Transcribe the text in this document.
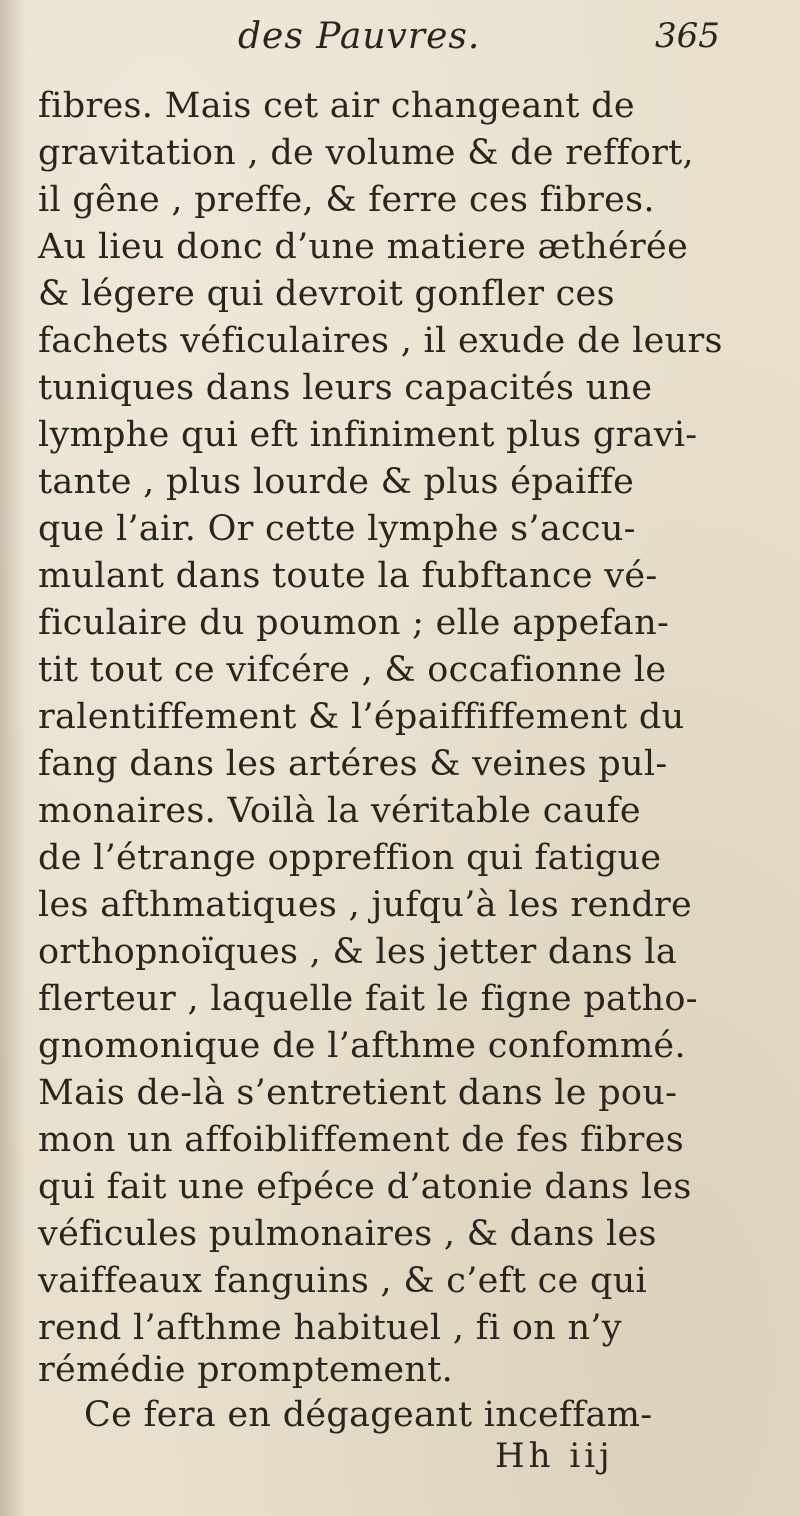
des Pauvres.	365
fibres. Mais cet air changeant de
gravitation , de volume & de reffort,
il gêne , preffe, & ferre ces fibres.
Au lieu donc d’une matiere æthérée
& légere qui devroit gonfler ces
fachets véficulaires , il exude de leurs
tuniques dans leurs capacités une
lymphe qui eft infiniment plus gravi-
tante , plus lourde & plus épaiffe
que l’air. Or cette lymphe s’accu-
mulant dans toute la fubftance vé-
ficulaire du poumon ; elle appefan-
tit tout ce vifcére , & occafionne le
ralentiffement & l’épaiffiffement du
fang dans les artéres & veines pul-
monaires. Voilà la véritable caufe
de l’étrange oppreffion qui fatigue
les afthmatiques , jufqu’à les rendre
orthopnoïques , & les jetter dans la
flerteur , laquelle fait le figne patho-
gnomonique de l’afthme confommé.
Mais de-là s’entretient dans le pou-
mon un affoibliffement de fes fibres
qui fait une efpéce d’atonie dans les
véficules pulmonaires , & dans les
vaiffeaux fanguins , & c’eft ce qui
rend l’afthme habituel , fi on n’y
rémédie promptement.
Ce fera en dégageant inceffam-
Hh iij
